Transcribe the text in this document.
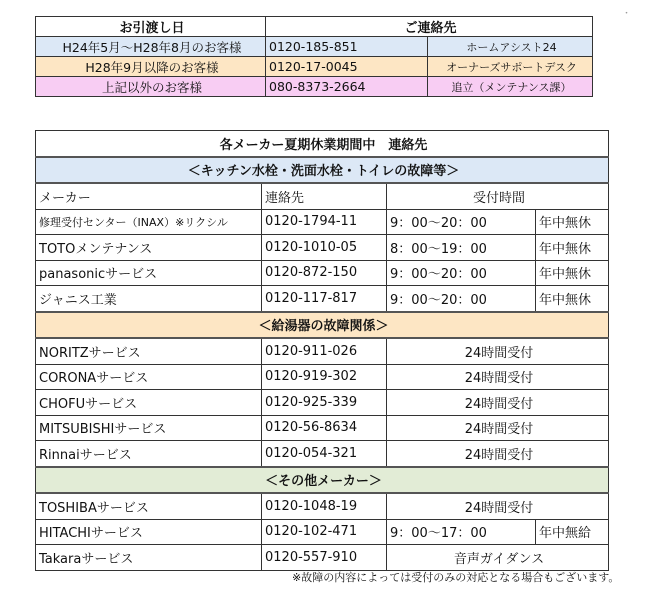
・
お引渡し日	ご連絡先	
H24年5月～H28年8月のお客様	0120-185-851	ホームアシスト24
H28年9月以降のお客様	0120-17-0045	オーナーズサポートデスク
上記以外のお客様	080-8373-2664	追立（メンテナンス課）
各メーカー夏期休業期間中　連絡先			
＜キッチン水栓・洗面水栓・トイレの故障等＞			
メーカー	連絡先	受付時間	
修理受付センター（INAX）※リクシル	0120-1794-11	9：00～20：00	年中無休
TOTOメンテナンス	0120-1010-05	8：00～19：00	年中無休
panasonicサービス	0120-872-150	9：00～20：00	年中無休
ジャニス工業	0120-117-817	9：00～20：00	年中無休
＜給湯器の故障関係＞			
NORITZサービス	0120-911-026	24時間受付	
CORONAサービス	0120-919-302	24時間受付	
CHOFUサービス	0120-925-339	24時間受付	
MITSUBISHIサービス	0120-56-8634	24時間受付	
Rinnaiサービス	0120-054-321	24時間受付	
＜その他メーカー＞			
TOSHIBAサービス	0120-1048-19	24時間受付	
HITACHIサービス	0120-102-471	9：00～17：00	年中無給
Takaraサービス	0120-557-910	音声ガイダンス	
※故障の内容によっては受付のみの対応となる場合もございます。
